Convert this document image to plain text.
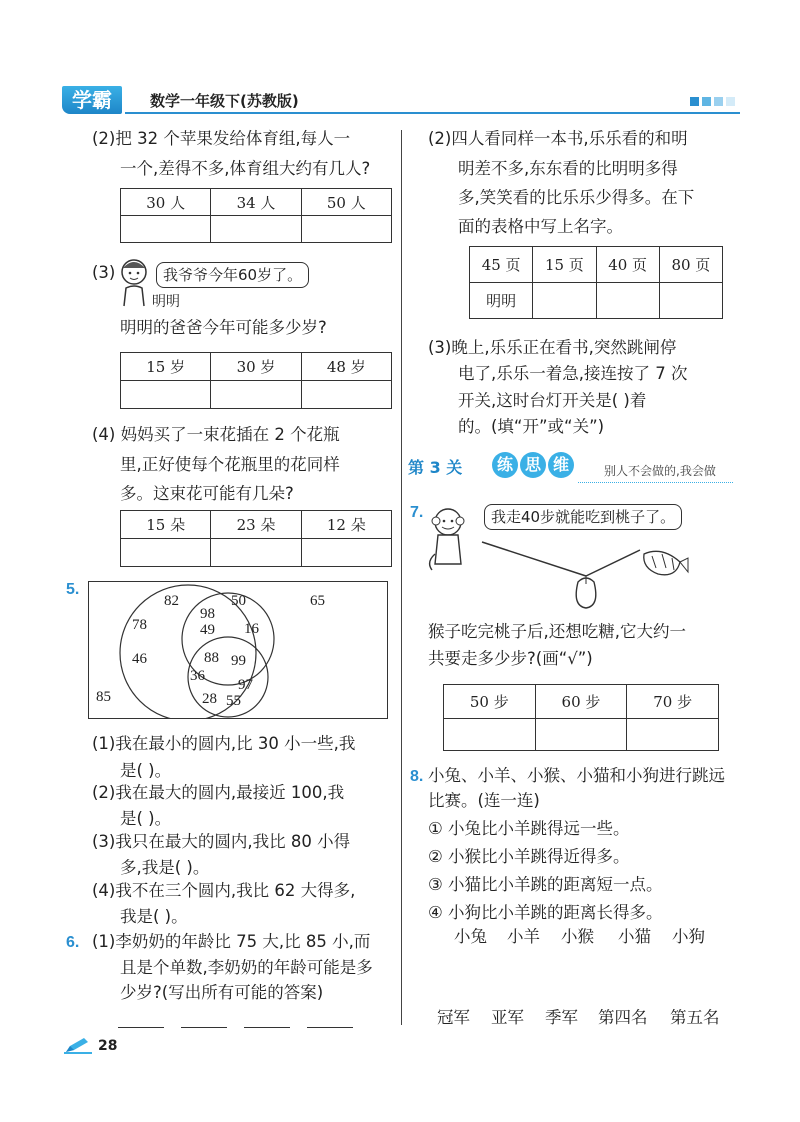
学霸	数学一年级下(苏教版)
(2)把 32 个苹果发给体育组,每人一
一个,差得不多,体育组大约有几人?
30 人	34 人	50 人

(3)	我爷爷今年60岁了。
明明
明明的爸爸今年可能多少岁?
15 岁	30 岁	48 岁

(4) 妈妈买了一束花插在 2 个花瓶
里,正好使每个花瓶里的花同样
多。这束花可能有几朵?
15 朵	23 朵	12 朵

5.
82	50	65
98
49
78	16
46	88 99
36
97
85	28 55
(1)我在最小的圆内,比 30 小一些,我
是( )。
(2)我在最大的圆内,最接近 100,我
是( )。
(3)我只在最大的圆内,我比 80 小得
多,我是( )。
(4)我不在三个圆内,我比 62 大得多,
我是( )。
6. (1)李奶奶的年龄比 75 大,比 85 小,而
且是个单数,李奶奶的年龄可能是多
少岁?(写出所有可能的答案)

28
(2)四人看同样一本书,乐乐看的和明
明差不多,东东看的比明明多得
多,笑笑看的比乐乐少得多。在下
面的表格中写上名字。
45 页	15 页	40 页	80 页
明明			
(3)晚上,乐乐正在看书,突然跳闸停
电了,乐乐一着急,接连按了 7 次
开关,这时台灯开关是( )着
的。(填“开”或“关”)
第 3 关	练 思 维	别人不会做的,我会做
7.	我走40步就能吃到桃子了。
猴子吃完桃子后,还想吃糖,它大约一
共要走多少步?(画“√”)
50 步	60 步	70 步

8. 小兔、小羊、小猴、小猫和小狗进行跳远
比赛。(连一连)
① 小兔比小羊跳得远一些。
② 小猴比小羊跳得近得多。
③ 小猫比小羊跳的距离短一点。
④ 小狗比小羊跳的距离长得多。
小兔 小羊 小猴 小猫 小狗
冠军 亚军 季军 第四名 第五名
